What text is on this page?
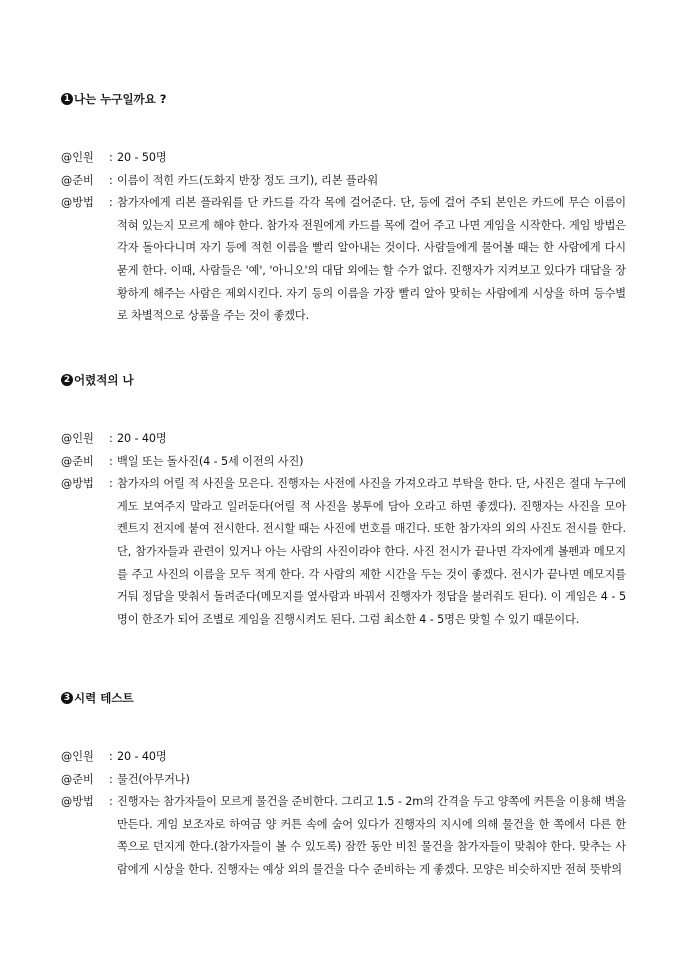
1 나는 누구일까요 ?
@인원	: 20 - 50명
@준비	: 이름이 적힌 카드(도화지 반장 정도 크기), 리본 플라워
@방법	: 참가자에게 리본 플라워를 단 카드를 각각 목에 걸어준다. 단, 등에 걸어 주되 본인은 카드에 무슨 이름이 적혀 있는지 모르게 해야 한다. 참가자 전원에게 카드를 목에 걸어 주고 나면 게임을 시작한다. 게임 방법은 각자 돌아다니며 자기 등에 적힌 이름을 빨리 알아내는 것이다. 사람들에게 물어볼 때는 한 사람에게 다시 묻게 한다. 이때, 사람들은 '예', '아니오'의 대답 외에는 할 수가 없다. 진행자가 지켜보고 있다가 대답을 장황하게 해주는 사람은 제외시킨다. 자기 등의 이름을 가장 빨리 알아 맞히는 사람에게 시상을 하며 등수별로 차별적으로 상품을 주는 것이 좋겠다.
2 어렸적의 나
@인원	: 20 - 40명
@준비	: 백일 또는 돌사진(4 - 5세 이전의 사진)
@방법	: 참가자의 어릴 적 사진을 모은다. 진행자는 사전에 사진을 가져오라고 부탁을 한다. 단, 사진은 절대 누구에게도 보여주지 말라고 일러둔다(어릴 적 사진을 봉투에 담아 오라고 하면 좋겠다). 진행자는 사진을 모아 켄트지 전지에 붙여 전시한다. 전시할 때는 사진에 번호를 매긴다. 또한 참가자의 외의 사진도 전시를 한다. 단, 참가자들과 관련이 있거나 아는 사람의 사진이라야 한다. 사진 전시가 끝나면 각자에게 볼펜과 메모지를 주고 사진의 이름을 모두 적게 한다. 각 사람의 제한 시간을 두는 것이 좋겠다. 전시가 끝나면 메모지를 거둬 정답을 맞춰서 돌려준다(메모지를 옆사람과 바꿔서 진행자가 정답을 불러줘도 된다). 이 게임은 4 - 5명이 한조가 되어 조별로 게임을 진행시켜도 된다. 그럼 최소한 4 - 5명은 맞힐 수 있기 때문이다.
3 시력 테스트
@인원	: 20 - 40명
@준비	: 물건(아무거나)
@방법	: 진행자는 참가자들이 모르게 물건을 준비한다. 그리고 1.5 - 2m의 간격을 두고 양쪽에 커튼을 이용해 벽을 만든다. 게임 보조자로 하여금 양 커튼 속에 숨어 있다가 진행자의 지시에 의해 물건을 한 쪽에서 다른 한 쪽으로 던지게 한다.(참가자들이 볼 수 있도록) 잠깐 동안 비친 물건을 참가자들이 맞춰야 한다. 맞추는 사람에게 시상을 한다. 진행자는 예상 외의 물건을 다수 준비하는 게 좋겠다. 모양은 비슷하지만 전혀 뜻밖의
